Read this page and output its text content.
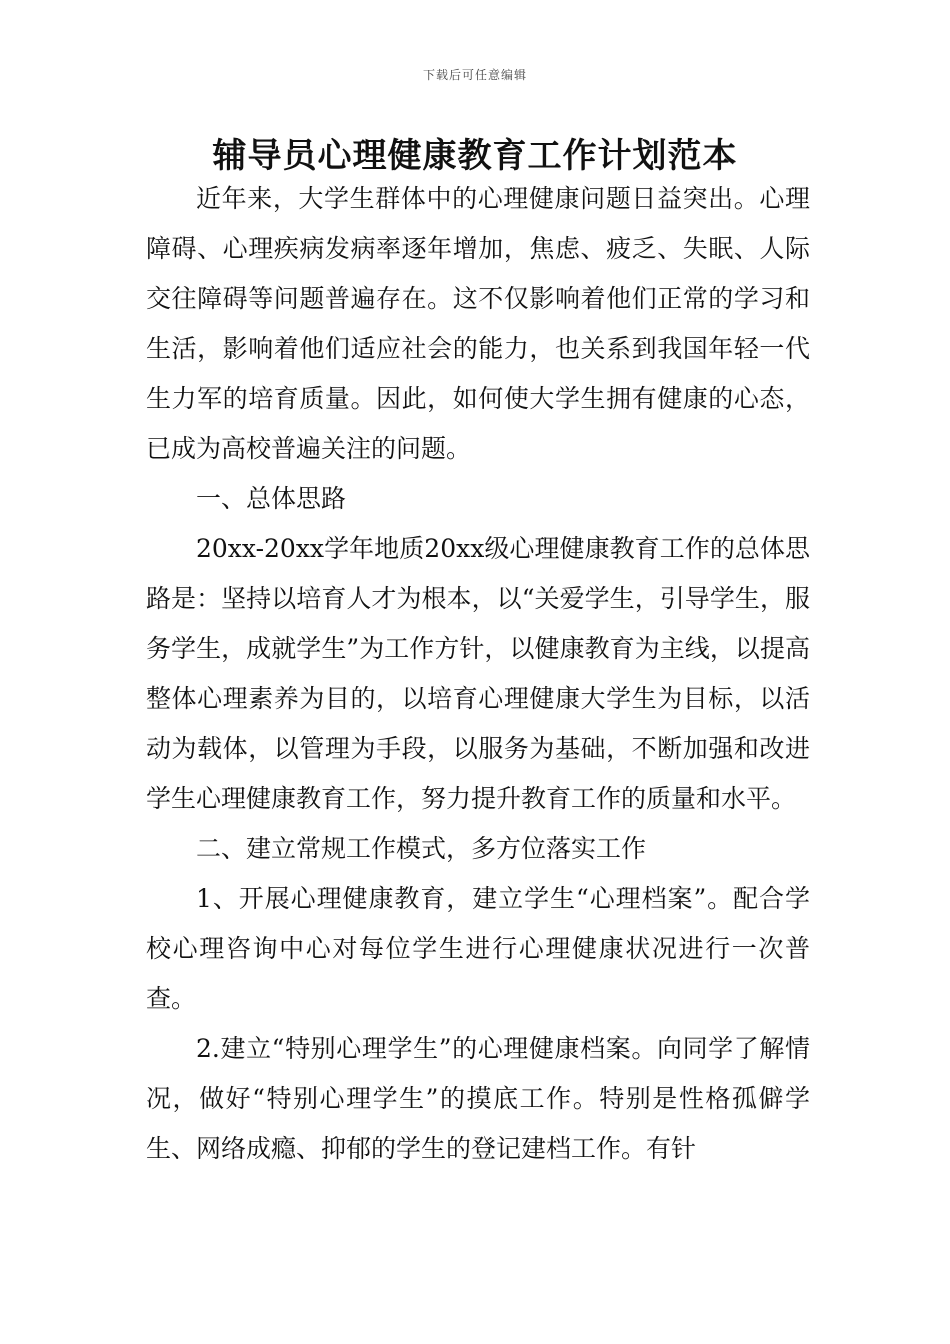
下载后可任意编辑
辅导员心理健康教育工作计划范本

近年来，大学生群体中的心理健康问题日益突出。心理障碍、心理疾病发病率逐年增加，焦虑、疲乏、失眠、人际交往障碍等问题普遍存在。这不仅影响着他们正常的学习和生活，影响着他们适应社会的能力，也关系到我国年轻一代生力军的培育质量。因此，如何使大学生拥有健康的心态，已成为高校普遍关注的问题。

一、总体思路

20xx-20xx学年地质20xx级心理健康教育工作的总体思路是：坚持以培育人才为根本，以“关爱学生，引导学生，服务学生，成就学生”为工作方针，以健康教育为主线，以提高整体心理素养为目的，以培育心理健康大学生为目标，以活动为载体，以管理为手段，以服务为基础，不断加强和改进学生心理健康教育工作，努力提升教育工作的质量和水平。

二、建立常规工作模式，多方位落实工作

1、开展心理健康教育，建立学生“心理档案”。配合学校心理咨询中心对每位学生进行心理健康状况进行一次普查。

2.建立“特别心理学生”的心理健康档案。向同学了解情况，做好“特别心理学生”的摸底工作。特别是性格孤僻学生、网络成瘾、抑郁的学生的登记建档工作。有针
